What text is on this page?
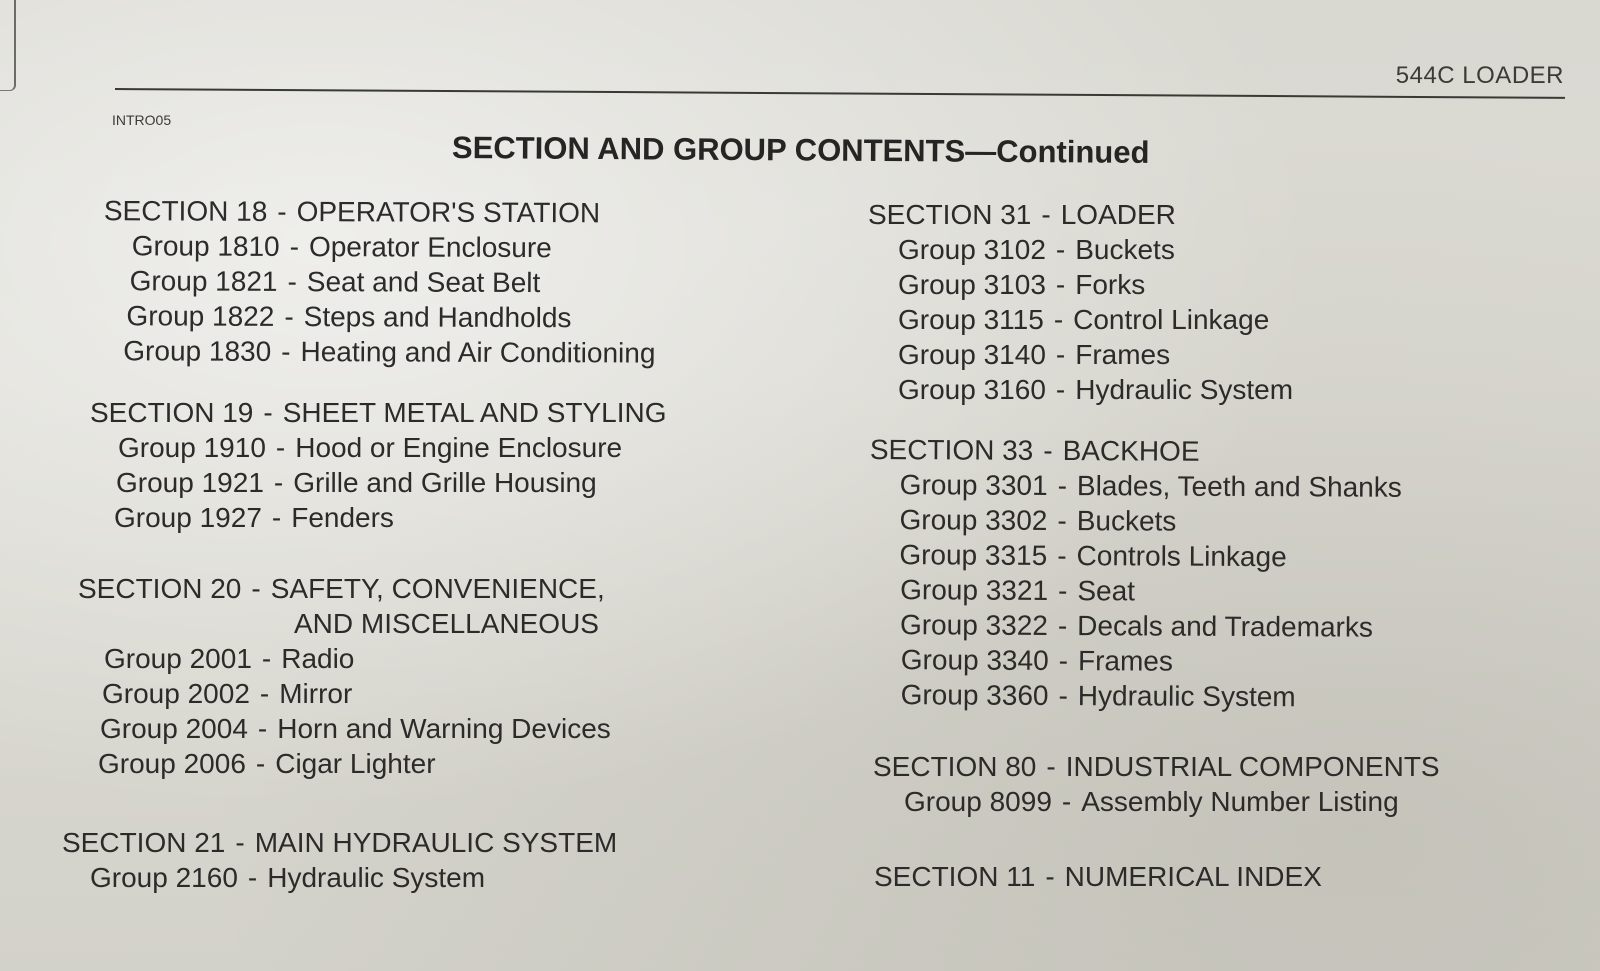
544C LOADER
INTRO05
SECTION AND GROUP CONTENTS—Continued
SECTION 18 - OPERATOR'S STATION
Group 1810 - Operator Enclosure
Group 1821 - Seat and Seat Belt
Group 1822 - Steps and Handholds
Group 1830 - Heating and Air Conditioning
SECTION 19 - SHEET METAL AND STYLING
Group 1910 - Hood or Engine Enclosure
Group 1921 - Grille and Grille Housing
Group 1927 - Fenders
SECTION 20 - SAFETY, CONVENIENCE,
AND MISCELLANEOUS
Group 2001 - Radio
Group 2002 - Mirror
Group 2004 - Horn and Warning Devices
Group 2006 - Cigar Lighter
SECTION 21 - MAIN HYDRAULIC SYSTEM
Group 2160 - Hydraulic System
SECTION 31 - LOADER
Group 3102 - Buckets
Group 3103 - Forks
Group 3115 - Control Linkage
Group 3140 - Frames
Group 3160 - Hydraulic System
SECTION 33 - BACKHOE
Group 3301 - Blades, Teeth and Shanks
Group 3302 - Buckets
Group 3315 - Controls Linkage
Group 3321 - Seat
Group 3322 - Decals and Trademarks
Group 3340 - Frames
Group 3360 - Hydraulic System
SECTION 80 - INDUSTRIAL COMPONENTS
Group 8099 - Assembly Number Listing
SECTION 11 - NUMERICAL INDEX
